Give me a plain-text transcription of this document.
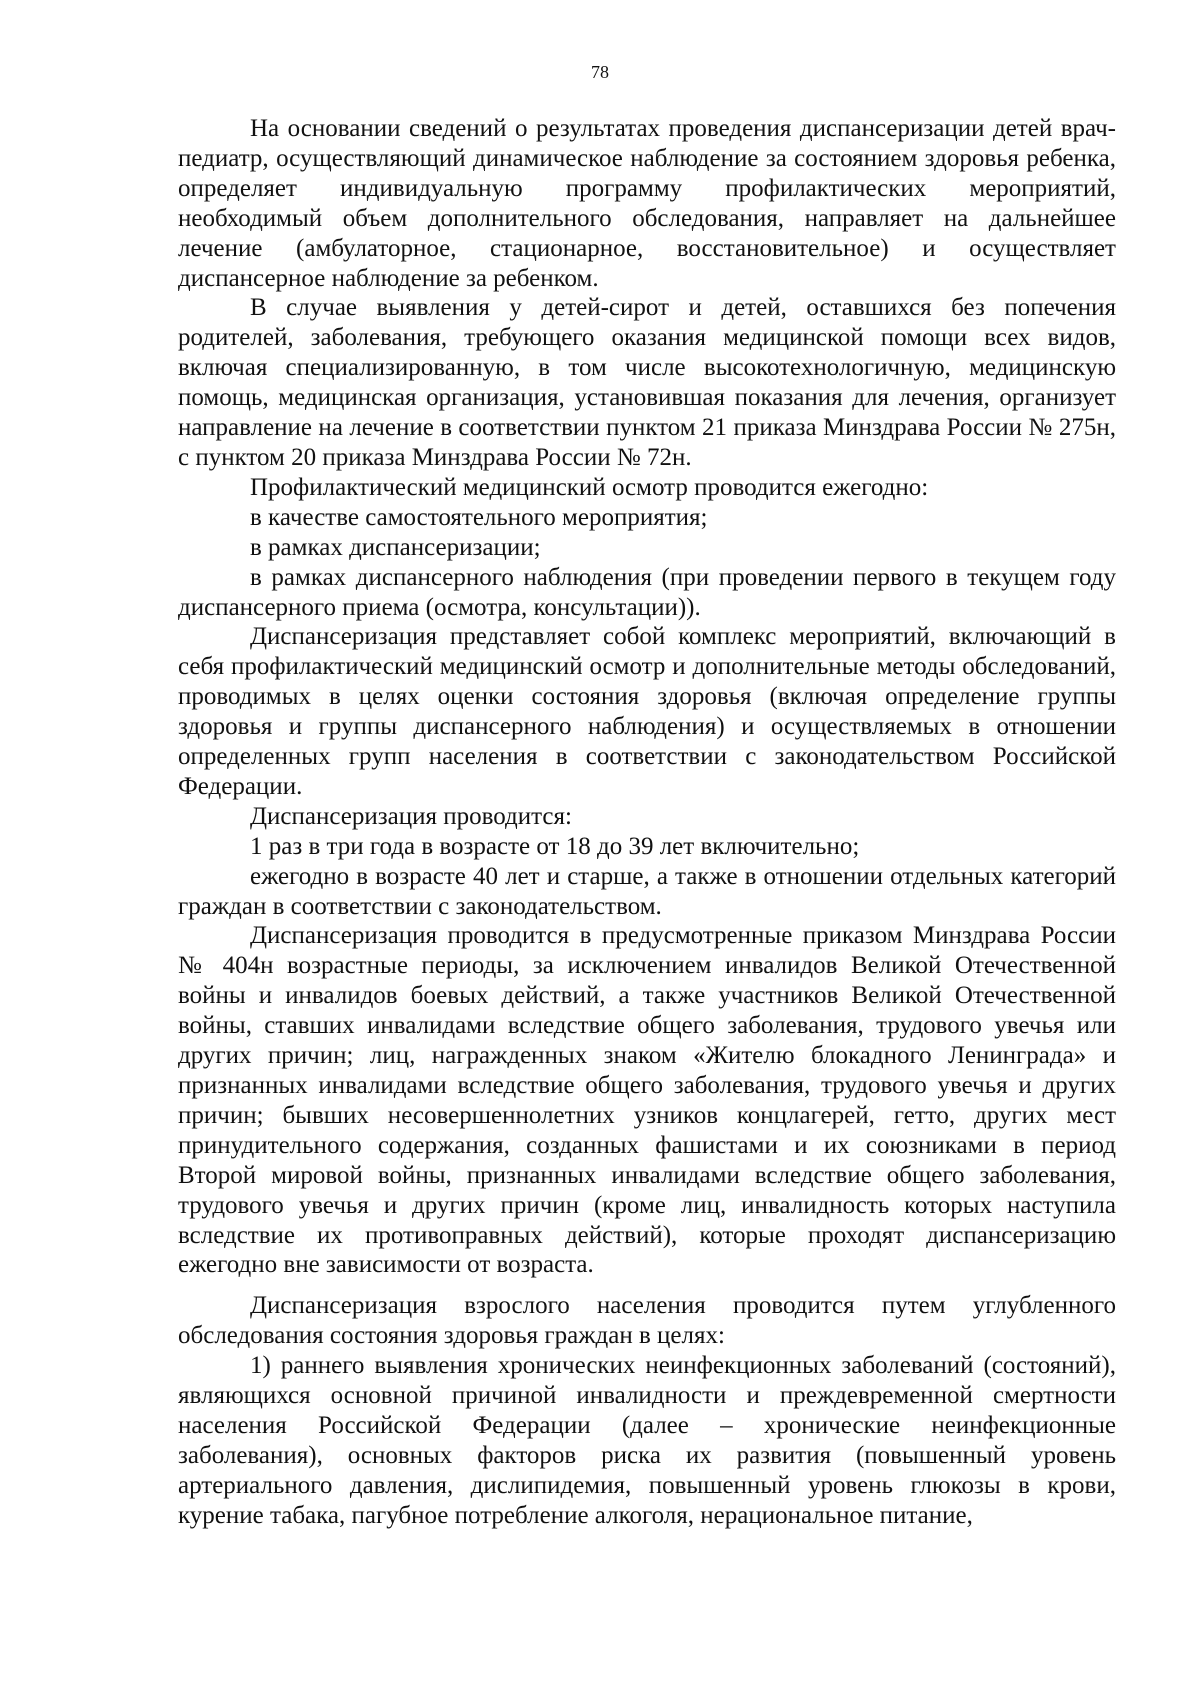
78

На основании сведений о результатах проведения диспансеризации детей врач-педиатр, осуществляющий динамическое наблюдение за состоянием здоровья ребенка, определяет индивидуальную программу профилактических мероприятий, необходимый объем дополнительного обследования, направляет на дальнейшее лечение (амбулаторное, стационарное, восстановительное) и осуществляет диспансерное наблюдение за ребенком.

В случае выявления у детей-сирот и детей, оставшихся без попечения родителей, заболевания, требующего оказания медицинской помощи всех видов, включая специализированную, в том числе высокотехнологичную, медицинскую помощь, медицинская организация, установившая показания для лечения, организует направление на лечение в соответствии пунктом 21 приказа Минздрава России № 275н, с пунктом 20 приказа Минздрава России № 72н.

Профилактический медицинский осмотр проводится ежегодно:

в качестве самостоятельного мероприятия;

в рамках диспансеризации;

в рамках диспансерного наблюдения (при проведении первого в текущем году диспансерного приема (осмотра, консультации)).

Диспансеризация представляет собой комплекс мероприятий, включающий в себя профилактический медицинский осмотр и дополнительные методы обследований, проводимых в целях оценки состояния здоровья (включая определение группы здоровья и группы диспансерного наблюдения) и осуществляемых в отношении определенных групп населения в соответствии с законодательством Российской Федерации.

Диспансеризация проводится:

1 раз в три года в возрасте от 18 до 39 лет включительно;

ежегодно в возрасте 40 лет и старше, а также в отношении отдельных категорий граждан в соответствии с законодательством.

Диспансеризация проводится в предусмотренные приказом Минздрава России № 404н возрастные периоды, за исключением инвалидов Великой Отечественной войны и инвалидов боевых действий, а также участников Великой Отечественной войны, ставших инвалидами вследствие общего заболевания, трудового увечья или других причин; лиц, награжденных знаком «Жителю блокадного Ленинграда» и признанных инвалидами вследствие общего заболевания, трудового увечья и других причин; бывших несовершеннолетних узников концлагерей, гетто, других мест принудительного содержания, созданных фашистами и их союзниками в период Второй мировой войны, признанных инвалидами вследствие общего заболевания, трудового увечья и других причин (кроме лиц, инвалидность которых наступила вследствие их противоправных действий), которые проходят диспансеризацию ежегодно вне зависимости от возраста.

Диспансеризация взрослого населения проводится путем углубленного обследования состояния здоровья граждан в целях:

1) раннего выявления хронических неинфекционных заболеваний (состояний), являющихся основной причиной инвалидности и преждевременной смертности населения Российской Федерации (далее – хронические неинфекционные заболевания), основных факторов риска их развития (повышенный уровень артериального давления, дислипидемия, повышенный уровень глюкозы в крови, курение табака, пагубное потребление алкоголя, нерациональное питание,
